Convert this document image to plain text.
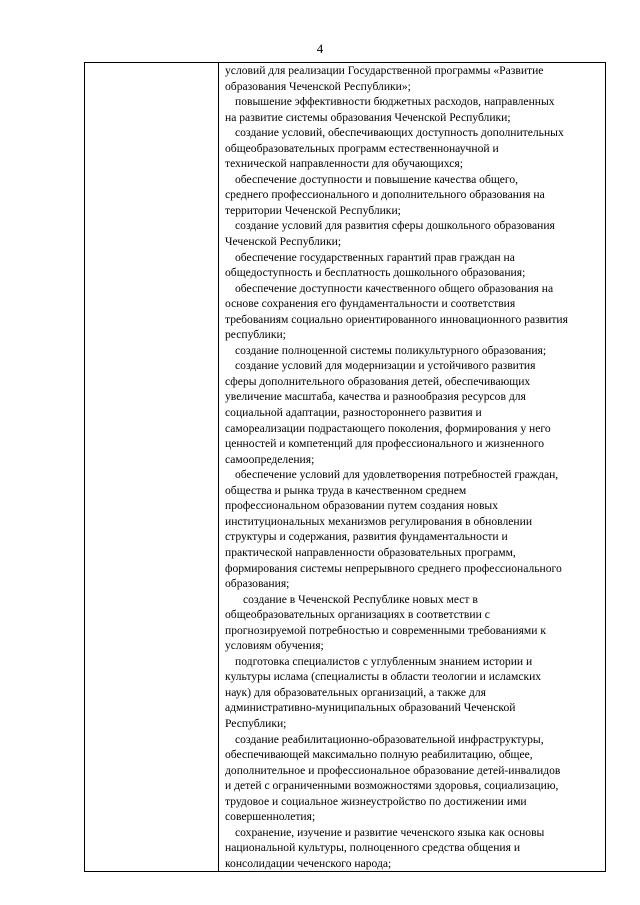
4

условий для реализации Государственной программы «Развитие
образования Чеченской Республики»;

повышение эффективности бюджетных расходов, направленных
на развитие системы образования Чеченской Республики;

создание условий, обеспечивающих доступность дополнительных
общеобразовательных программ естественнонаучной и
технической направленности для обучающихся;

обеспечение доступности и повышение качества общего,
среднего профессионального и дополнительного образования на
территории Чеченской Республики;

создание условий для развития сферы дошкольного образования
Чеченской Республики;

обеспечение государственных гарантий прав граждан на
общедоступность и бесплатность дошкольного образования;

обеспечение доступности качественного общего образования на
основе сохранения его фундаментальности и соответствия
требованиям социально ориентированного инновационного развития
республики;

создание полноценной системы поликультурного образования;

создание условий для модернизации и устойчивого развития
сферы дополнительного образования детей, обеспечивающих
увеличение масштаба, качества и разнообразия ресурсов для
социальной адаптации, разностороннего развития и
самореализации подрастающего поколения, формирования у него
ценностей и компетенций для профессионального и жизненного
самоопределения;

обеспечение условий для удовлетворения потребностей граждан,
общества и рынка труда в качественном среднем
профессиональном образовании путем создания новых
институциональных механизмов регулирования в обновлении
структуры и содержания, развития фундаментальности и
практической направленности образовательных программ,
формирования системы непрерывного среднего профессионального
образования;

создание в Чеченской Республике новых мест в
общеобразовательных организациях в соответствии с
прогнозируемой потребностью и современными требованиями к
условиям обучения;

подготовка специалистов с углубленным знанием истории и
культуры ислама (специалисты в области теологии и исламских
наук) для образовательных организаций, а также для
административно-муниципальных образований Чеченской
Республики;

создание реабилитационно-образовательной инфраструктуры,
обеспечивающей максимально полную реабилитацию, общее,
дополнительное и профессиональное образование детей-инвалидов
и детей с ограниченными возможностями здоровья, социализацию,
трудовое и социальное жизнеустройство по достижении ими
совершеннолетия;

сохранение, изучение и развитие чеченского языка как основы
национальной культуры, полноценного средства общения и
консолидации чеченского народа;
